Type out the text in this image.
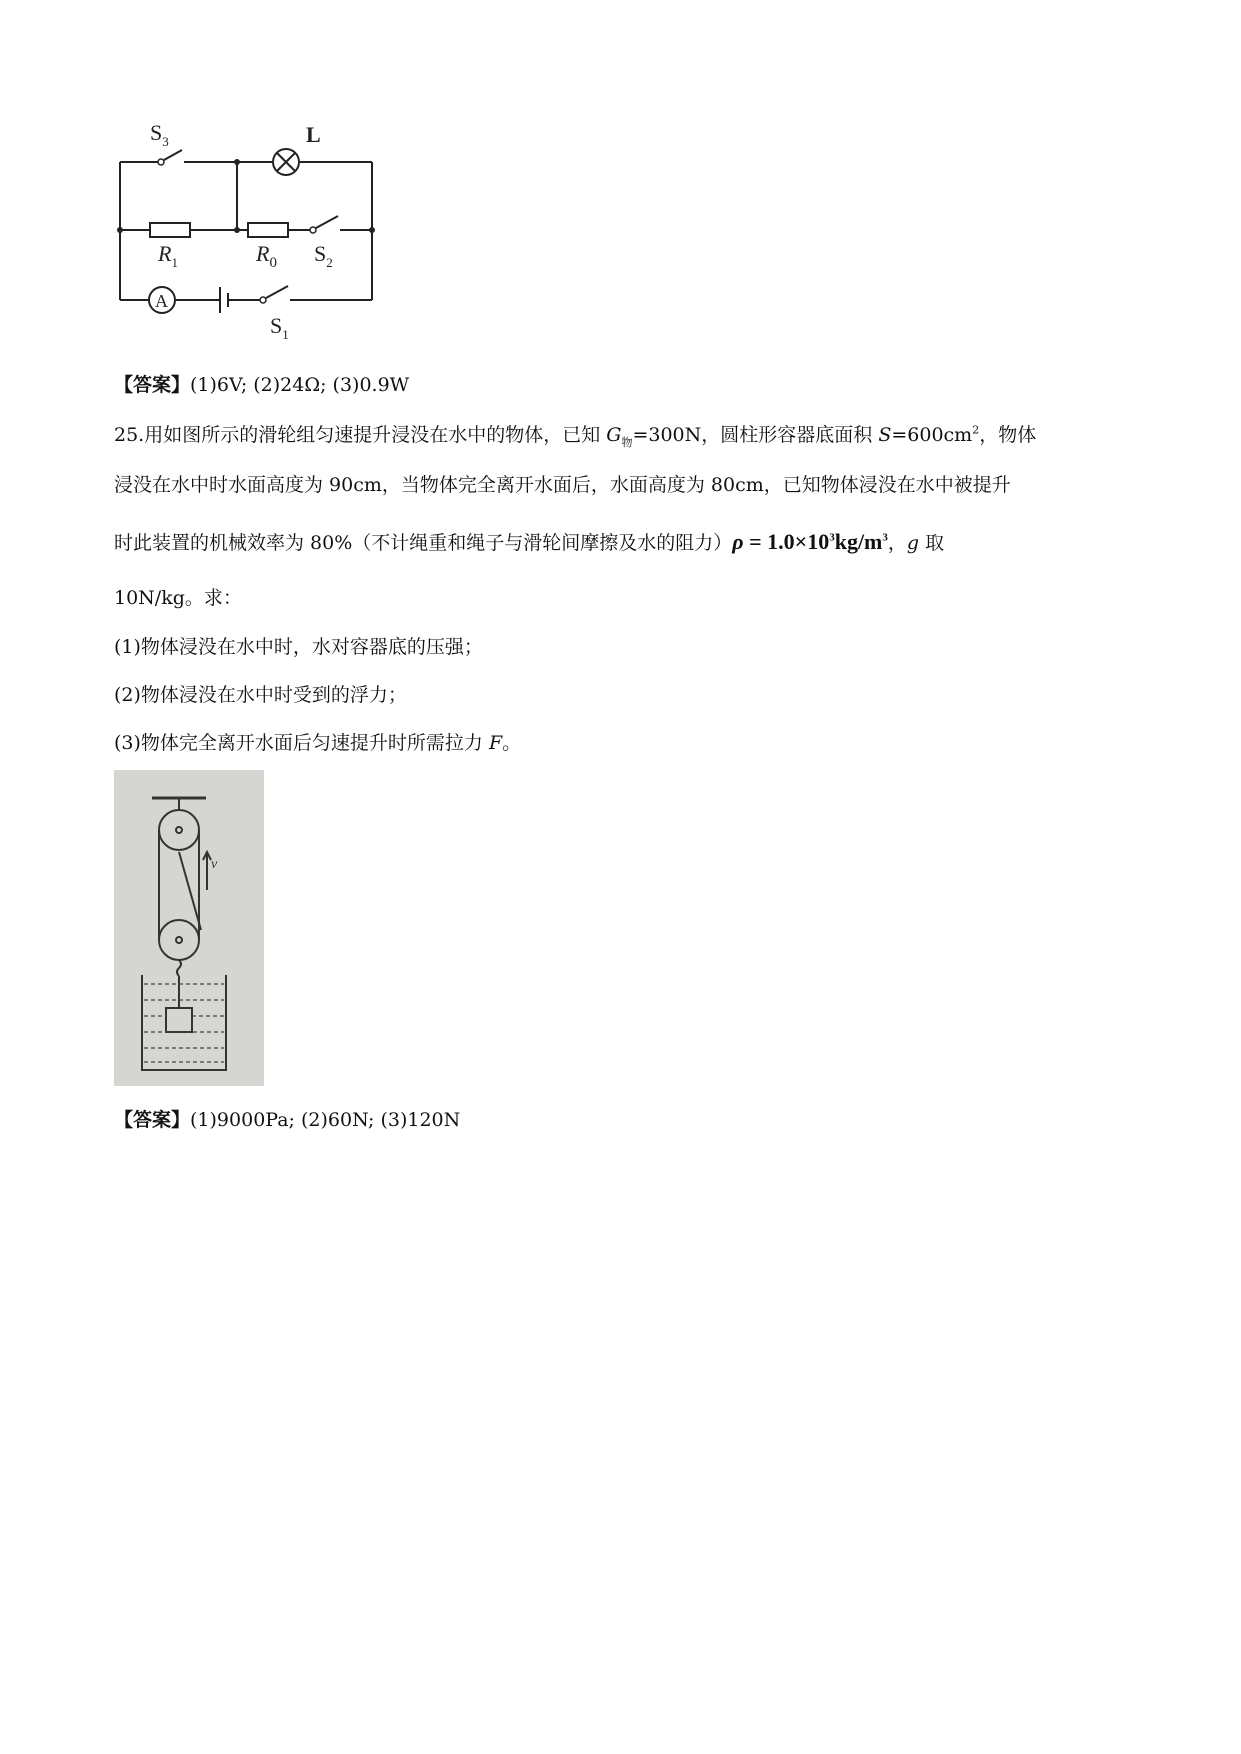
$S_3$	L
$R_1$	$R_0$ $S_2$
$S_1$
A
【答案】(1)6V; (2)24Ω; (3)0.9W
25.用如图所示的滑轮组匀速提升浸没在水中的物体，已知 $G_物=300N$，圆柱形容器底面积 $S=600cm^2$，物体
浸没在水中时水面高度为 90cm，当物体完全离开水面后，水面高度为 80cm，已知物体浸没在水中被提升
时此装置的机械效率为 80%（不计绳重和绳子与滑轮间摩擦及水的阻力）$\rho = 1.0\times 10^3kg/m^3$，g 取
10N/kg。求：
(1)物体浸没在水中时，水对容器底的压强；
(2)物体浸没在水中时受到的浮力；
(3)物体完全离开水面后匀速提升时所需拉力 F。
v
【答案】(1)9000Pa; (2)60N; (3)120N
